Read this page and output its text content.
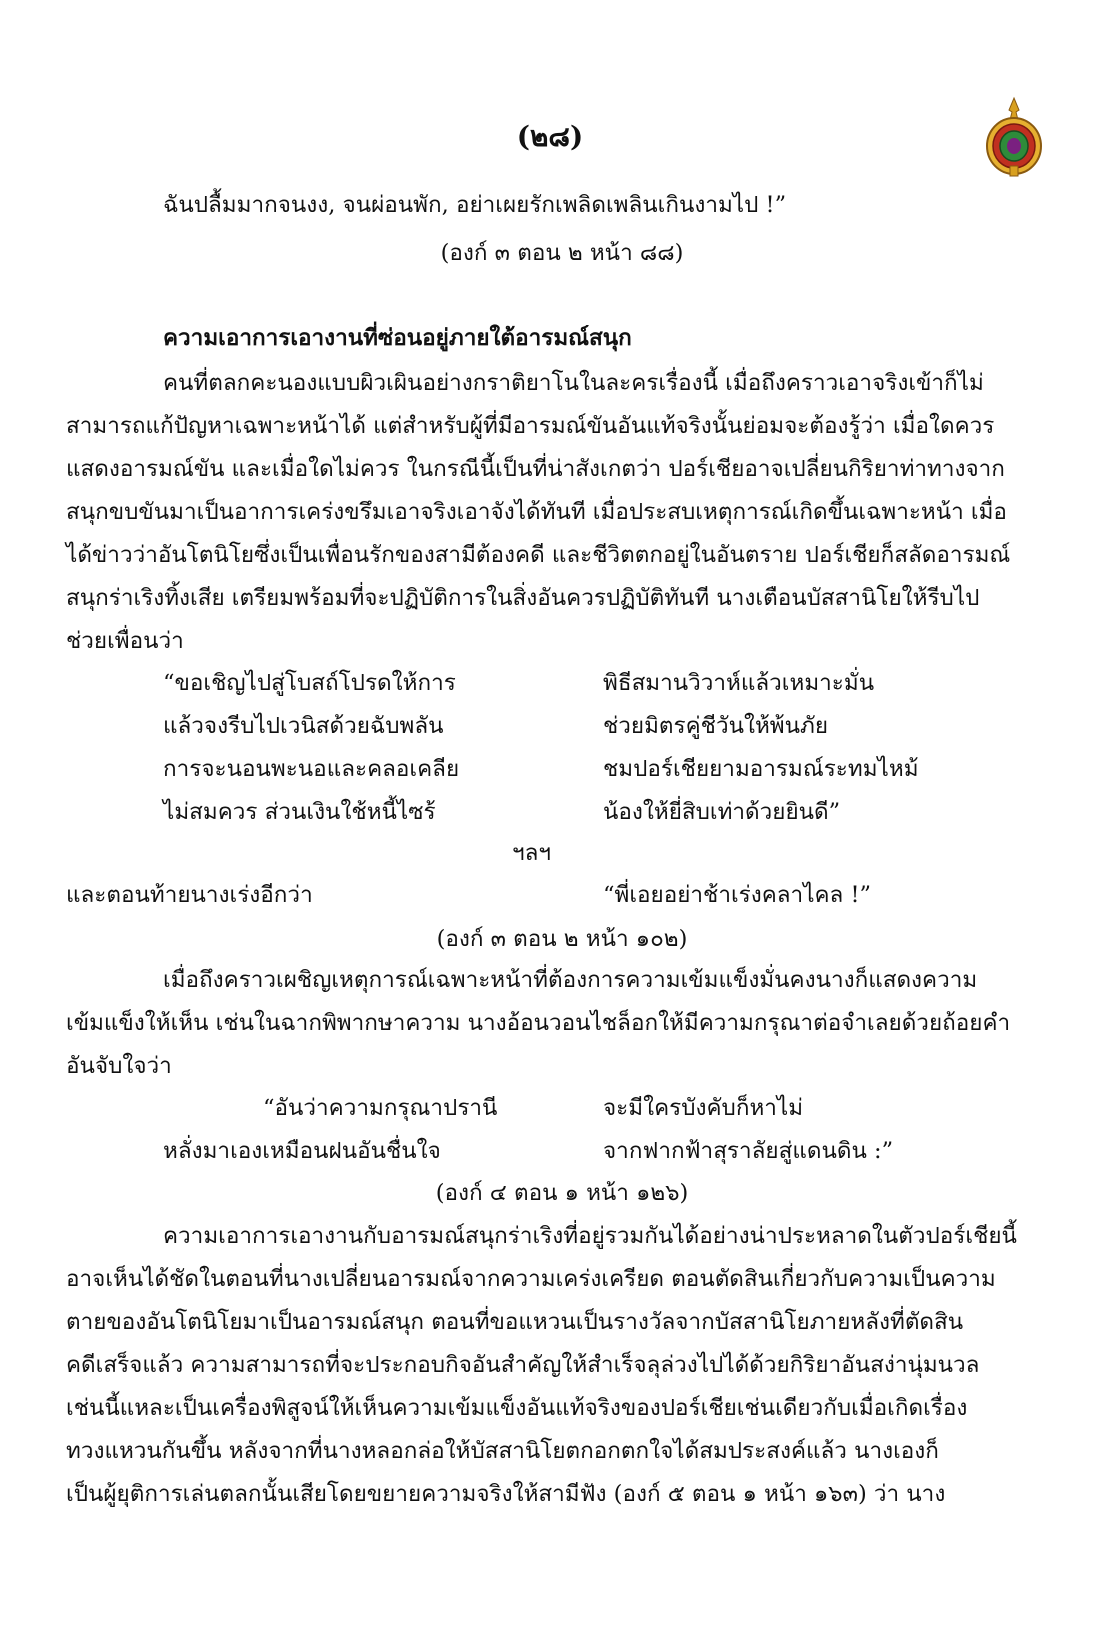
(๒๘)
ฉันปลื้มมากจนงง, จนผ่อนพัก, อย่าเผยรักเพลิดเพลินเกินงามไป !”
(องก์ ๓ ตอน ๒ หน้า ๘๘)
ความเอาการเอางานที่ซ่อนอยู่ภายใต้อารมณ์สนุก
คนที่ตลกคะนองแบบผิวเผินอย่างกราติยาโนในละครเรื่องนี้ เมื่อถึงคราวเอาจริงเข้าก็ไม่
สามารถแก้ปัญหาเฉพาะหน้าได้ แต่สำหรับผู้ที่มีอารมณ์ขันอันแท้จริงนั้นย่อมจะต้องรู้ว่า เมื่อใดควร
แสดงอารมณ์ขัน และเมื่อใดไม่ควร ในกรณีนี้เป็นที่น่าสังเกตว่า ปอร์เชียอาจเปลี่ยนกิริยาท่าทางจาก
สนุกขบขันมาเป็นอาการเคร่งขรึมเอาจริงเอาจังได้ทันที เมื่อประสบเหตุการณ์เกิดขึ้นเฉพาะหน้า เมื่อ
ได้ข่าวว่าอันโตนิโยซึ่งเป็นเพื่อนรักของสามีต้องคดี และชีวิตตกอยู่ในอันตราย ปอร์เชียก็สลัดอารมณ์
สนุกร่าเริงทิ้งเสีย เตรียมพร้อมที่จะปฏิบัติการในสิ่งอันควรปฏิบัติทันที นางเตือนบัสสานิโยให้รีบไป
ช่วยเพื่อนว่า
“ขอเชิญไปสู่โบสถ์โปรดให้การ	พิธีสมานวิวาห์แล้วเหมาะมั่น
แล้วจงรีบไปเวนิสด้วยฉับพลัน	ช่วยมิตรคู่ชีวันให้พ้นภัย
การจะนอนพะนอและคลอเคลีย	ชมปอร์เชียยามอารมณ์ระทมไหม้
ไม่สมควร ส่วนเงินใช้หนี้ไซร้	น้องให้ยี่สิบเท่าด้วยยินดี”
ฯลฯ
และตอนท้ายนางเร่งอีกว่า	“พี่เอยอย่าช้าเร่งคลาไคล !”
(องก์ ๓ ตอน ๒ หน้า ๑๐๒)
เมื่อถึงคราวเผชิญเหตุการณ์เฉพาะหน้าที่ต้องการความเข้มแข็งมั่นคงนางก็แสดงความ
เข้มแข็งให้เห็น เช่นในฉากพิพากษาความ นางอ้อนวอนไชล็อกให้มีความกรุณาต่อจำเลยด้วยถ้อยคำ
อันจับใจว่า
“อันว่าความกรุณาปรานี	จะมีใครบังคับก็หาไม่
หลั่งมาเองเหมือนฝนอันชื่นใจ	จากฟากฟ้าสุราลัยสู่แดนดิน :”
(องก์ ๔ ตอน ๑ หน้า ๑๒๖)
ความเอาการเอางานกับอารมณ์สนุกร่าเริงที่อยู่รวมกันได้อย่างน่าประหลาดในตัวปอร์เชียนี้
อาจเห็นได้ชัดในตอนที่นางเปลี่ยนอารมณ์จากความเคร่งเครียด ตอนตัดสินเกี่ยวกับความเป็นความ
ตายของอันโตนิโยมาเป็นอารมณ์สนุก ตอนที่ขอแหวนเป็นรางวัลจากบัสสานิโยภายหลังที่ตัดสิน
คดีเสร็จแล้ว ความสามารถที่จะประกอบกิจอันสำคัญให้สำเร็จลุล่วงไปได้ด้วยกิริยาอันสง่านุ่มนวล
เช่นนี้แหละเป็นเครื่องพิสูจน์ให้เห็นความเข้มแข็งอันแท้จริงของปอร์เชียเช่นเดียวกับเมื่อเกิดเรื่อง
ทวงแหวนกันขึ้น หลังจากที่นางหลอกล่อให้บัสสานิโยตกอกตกใจได้สมประสงค์แล้ว นางเองก็
เป็นผู้ยุติการเล่นตลกนั้นเสียโดยขยายความจริงให้สามีฟัง (องก์ ๕ ตอน ๑ หน้า ๑๖๓) ว่า นาง
